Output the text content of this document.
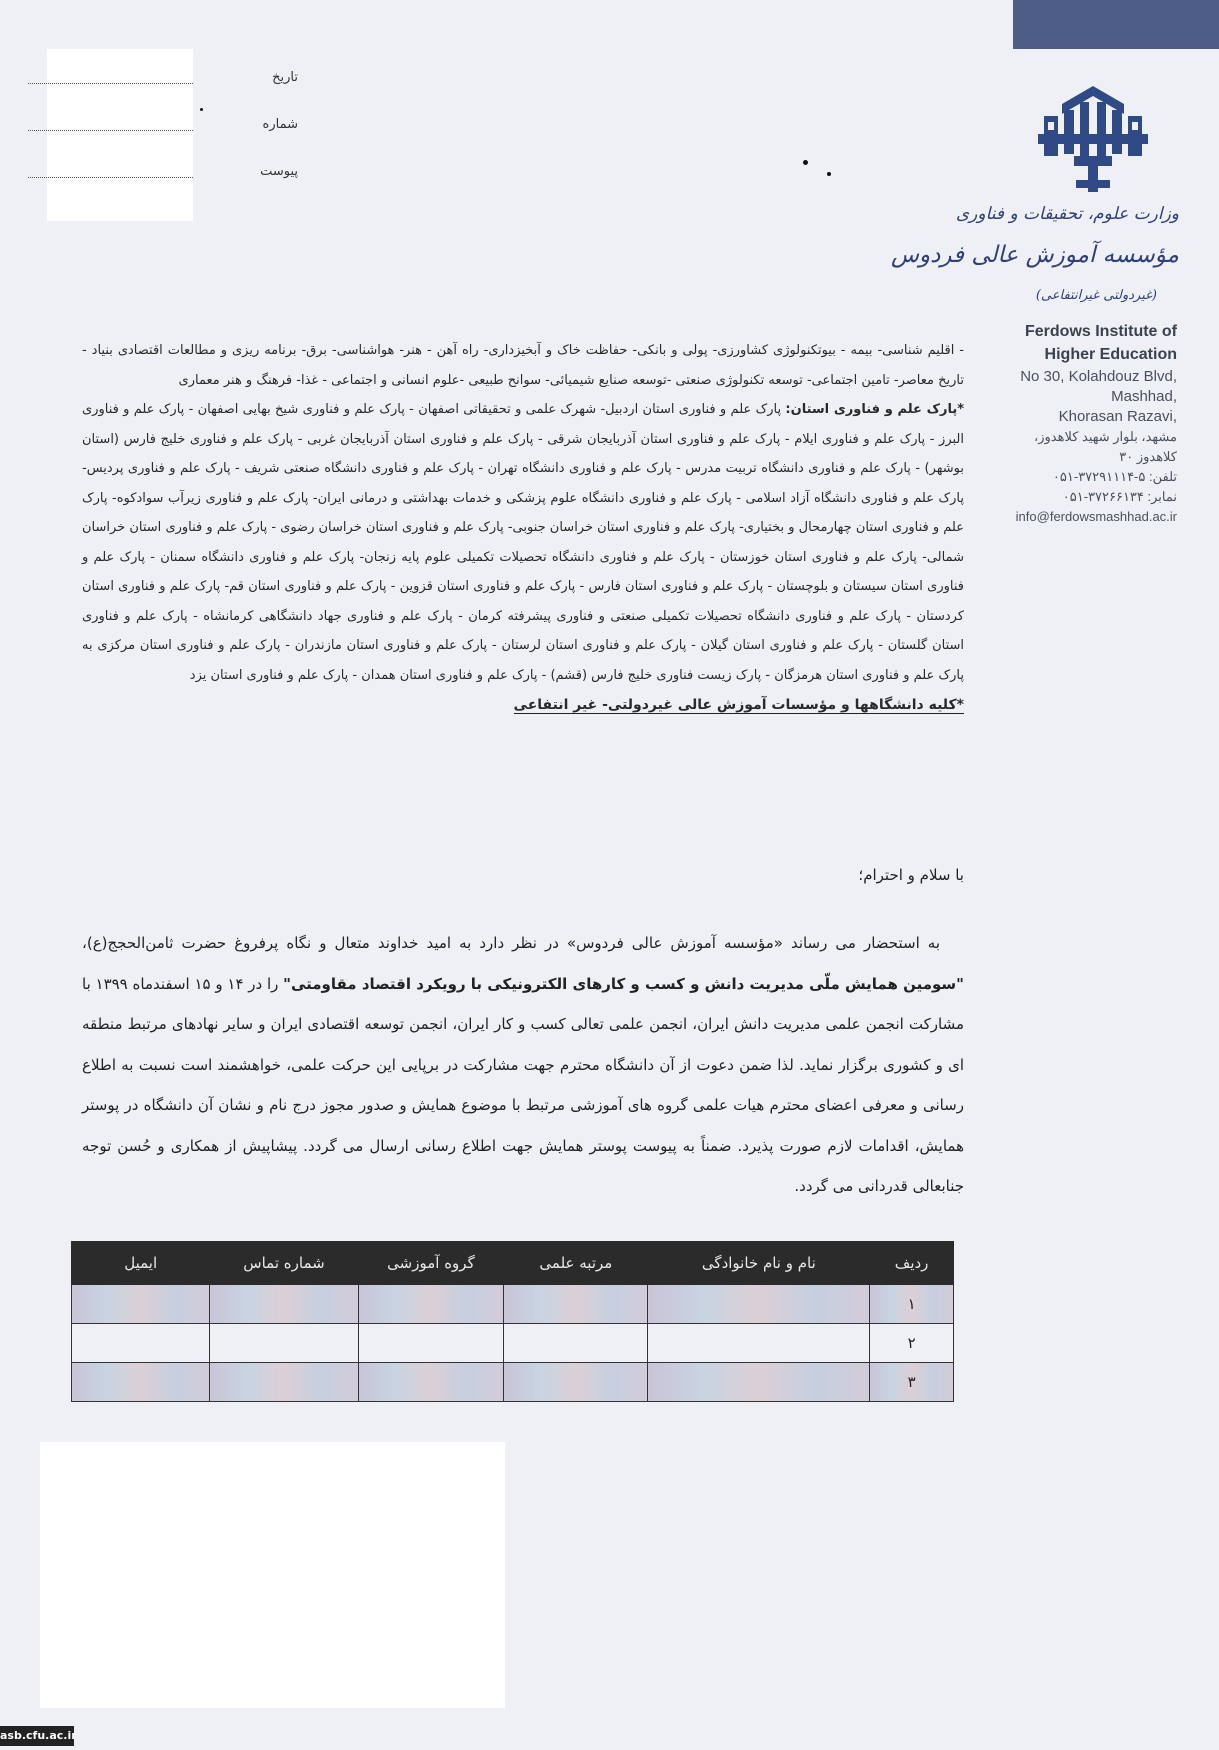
تاریخ
شماره
پیوست
وزارت علوم، تحقیقات و فناوری
مؤسسه آموزش عالی فردوس
(غیردولتی غیرانتفاعی)
Ferdows Institute of
Higher Education
No 30, Kolahdouz Blvd,
Mashhad,
Khorasan Razavi,
مشهد، بلوار شهید کلاهدوز،
کلاهدوز ۳۰
تلفن: ۵-۳۷۲۹۱۱۱۴-۰۵۱
نمابر: ۳۷۲۶۶۱۳۴-۰۵۱
info@ferdowsmashhad.ac.ir
- اقلیم شناسی- بیمه - بیوتکنولوژی کشاورزی- پولی و بانکی- حفاظت خاک و آبخیزداری- راه آهن - هنر- هواشناسی- برق- برنامه ریزی و مطالعات اقتصادی بنیاد - تاریخ معاصر- تامین اجتماعی- توسعه تکنولوژی صنعتی -توسعه صنایع شیمیائی- سوانح طبیعی -علوم انسانی و اجتماعی - غذا- فرهنگ و هنر معماری
*پارک علم و فناوری استان: پارک علم و فناوری استان اردبیل- شهرک علمی و تحقیقاتی اصفهان - پارک علم و فناوری شیخ بهایی اصفهان - پارک علم و فناوری البرز - پارک علم و فناوری ایلام - پارک علم و فناوری استان آذربایجان شرقی - پارک علم و فناوری استان آذربایجان غربی - پارک علم و فناوری خلیج فارس (استان بوشهر) - پارک علم و فناوری دانشگاه تربیت مدرس - پارک علم و فناوری دانشگاه تهران - پارک علم و فناوری دانشگاه صنعتی شریف - پارک علم و فناوری پردیس- پارک علم و فناوری دانشگاه آزاد اسلامی - پارک علم و فناوری دانشگاه علوم پزشکی و خدمات بهداشتی و درمانی ایران- پارک علم و فناوری زیرآب سوادکوه- پارک علم و فناوری استان چهارمحال و بختیاری- پارک علم و فناوری استان خراسان جنوبی- پارک علم و فناوری استان خراسان رضوی - پارک علم و فناوری استان خراسان شمالی- پارک علم و فناوری استان خوزستان - پارک علم و فناوری دانشگاه تحصیلات تکمیلی علوم پایه زنجان- پارک علم و فناوری دانشگاه سمنان - پارک علم و فناوری استان سیستان و بلوچستان - پارک علم و فناوری استان فارس - پارک علم و فناوری استان قزوین - پارک علم و فناوری استان قم- پارک علم و فناوری استان کردستان - پارک علم و فناوری دانشگاه تحصیلات تکمیلی صنعتی و فناوری پیشرفته کرمان - پارک علم و فناوری جهاد دانشگاهی کرمانشاه - پارک علم و فناوری استان گلستان - پارک علم و فناوری استان گیلان - پارک علم و فناوری استان لرستان - پارک علم و فناوری استان مازندران - پارک علم و فناوری استان مرکزی به پارک علم و فناوری استان هرمزگان - پارک زیست فناوری خلیج فارس (قشم) - پارک علم و فناوری استان همدان - پارک علم و فناوری استان یزد
*کلیه دانشگاهها و مؤسسات آموزش عالی غیردولتی- غیر انتفاعی
با سلام و احترام؛
به استحضار می رساند «مؤسسه آموزش عالی فردوس» در نظر دارد به امید خداوند متعال و نگاه پرفروغ حضرت ثامن‌الحجج(ع)، "سومین همایش ملّی مدیریت دانش و کسب و کارهای الکترونیکی با رویکرد اقتصاد مقاومتی" را در ۱۴ و ۱۵ اسفندماه ۱۳۹۹ با مشارکت انجمن علمی مدیریت دانش ایران، انجمن علمی تعالی کسب و کار ایران، انجمن توسعه اقتصادی ایران و سایر نهادهای مرتبط منطقه ای و کشوری برگزار نماید. لذا ضمن دعوت از آن دانشگاه محترم جهت مشارکت در برپایی این حرکت علمی، خواهشمند است نسبت به اطلاع رسانی و معرفی اعضای محترم هیات علمی گروه های آموزشی مرتبط با موضوع همایش و صدور مجوز درج نام و نشان آن دانشگاه در پوستر همایش، اقدامات لازم صورت پذیرد. ضمناً به پیوست پوستر همایش جهت اطلاع رسانی ارسال می گردد. پیشاپیش از همکاری و حُسن توجه جنابعالی قدردانی می گردد.
ردیف	نام و نام خانوادگی	مرتبه علمی	گروه آموزشی	شماره تماس	ایمیل
۱					
۲					
۳					
asb.cfu.ac.ir
